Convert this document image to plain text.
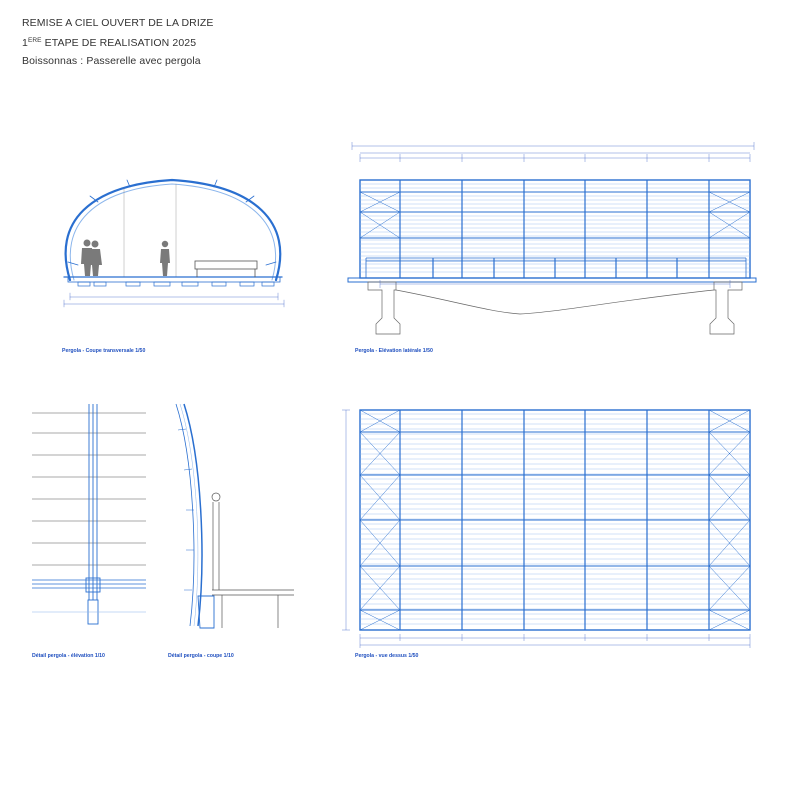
REMISE A CIEL OUVERT DE LA DRIZE
1ERE ETAPE DE REALISATION 2025
Boissonnas : Passerelle avec pergola
Pergola - Coupe transversale 1/50	Pergola - Elévation latérale 1/50
Détail pergola - élévation 1/10	Détail pergola - coupe 1/10	Pergola - vue dessus 1/50
